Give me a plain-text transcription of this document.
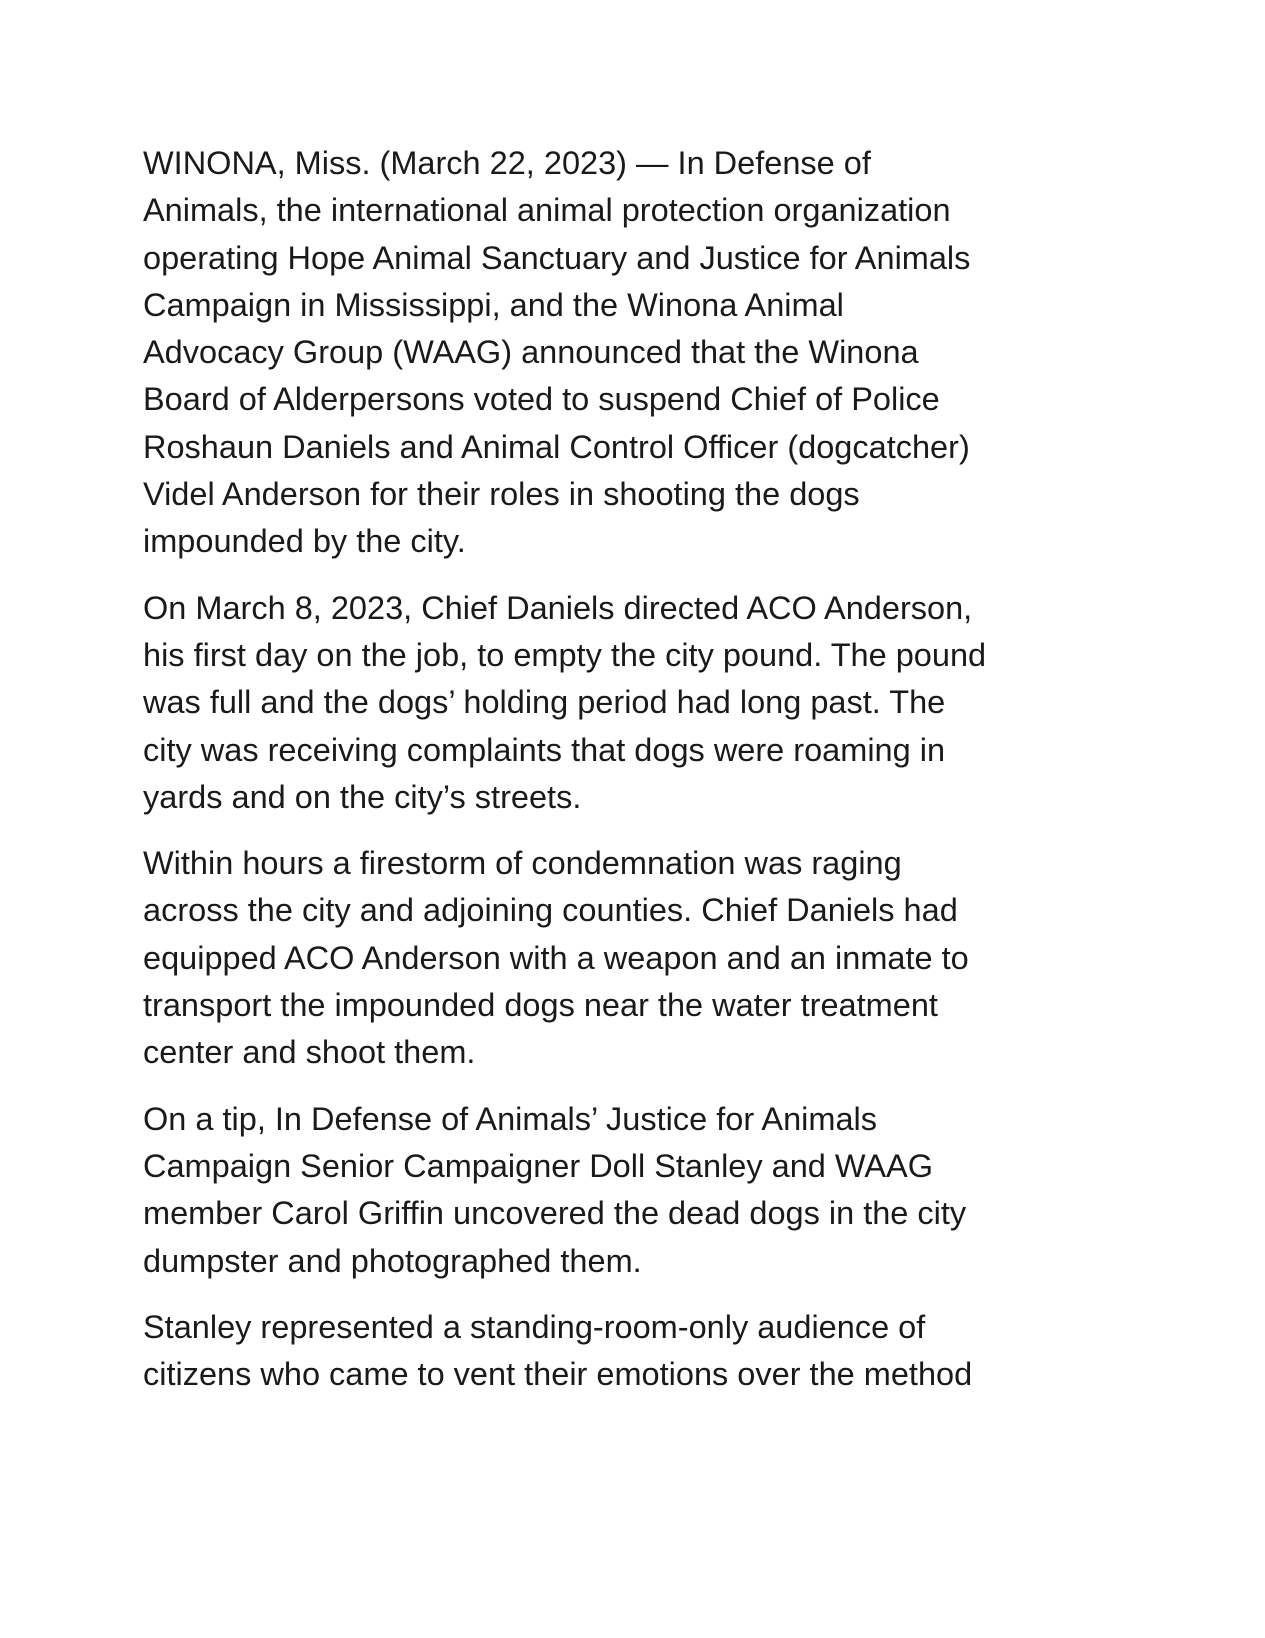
WINONA, Miss. (March 22, 2023) — In Defense of
Animals, the international animal protection organization
operating Hope Animal Sanctuary and Justice for Animals
Campaign in Mississippi, and the Winona Animal
Advocacy Group (WAAG) announced that the Winona
Board of Alderpersons voted to suspend Chief of Police
Roshaun Daniels and Animal Control Officer (dogcatcher)
Videl Anderson for their roles in shooting the dogs
impounded by the city.

On March 8, 2023, Chief Daniels directed ACO Anderson,
his first day on the job, to empty the city pound. The pound
was full and the dogs’ holding period had long past. The
city was receiving complaints that dogs were roaming in
yards and on the city’s streets.

Within hours a firestorm of condemnation was raging
across the city and adjoining counties. Chief Daniels had
equipped ACO Anderson with a weapon and an inmate to
transport the impounded dogs near the water treatment
center and shoot them.

On a tip, In Defense of Animals’ Justice for Animals
Campaign Senior Campaigner Doll Stanley and WAAG
member Carol Griffin uncovered the dead dogs in the city
dumpster and photographed them.

Stanley represented a standing-room-only audience of
citizens who came to vent their emotions over the method
